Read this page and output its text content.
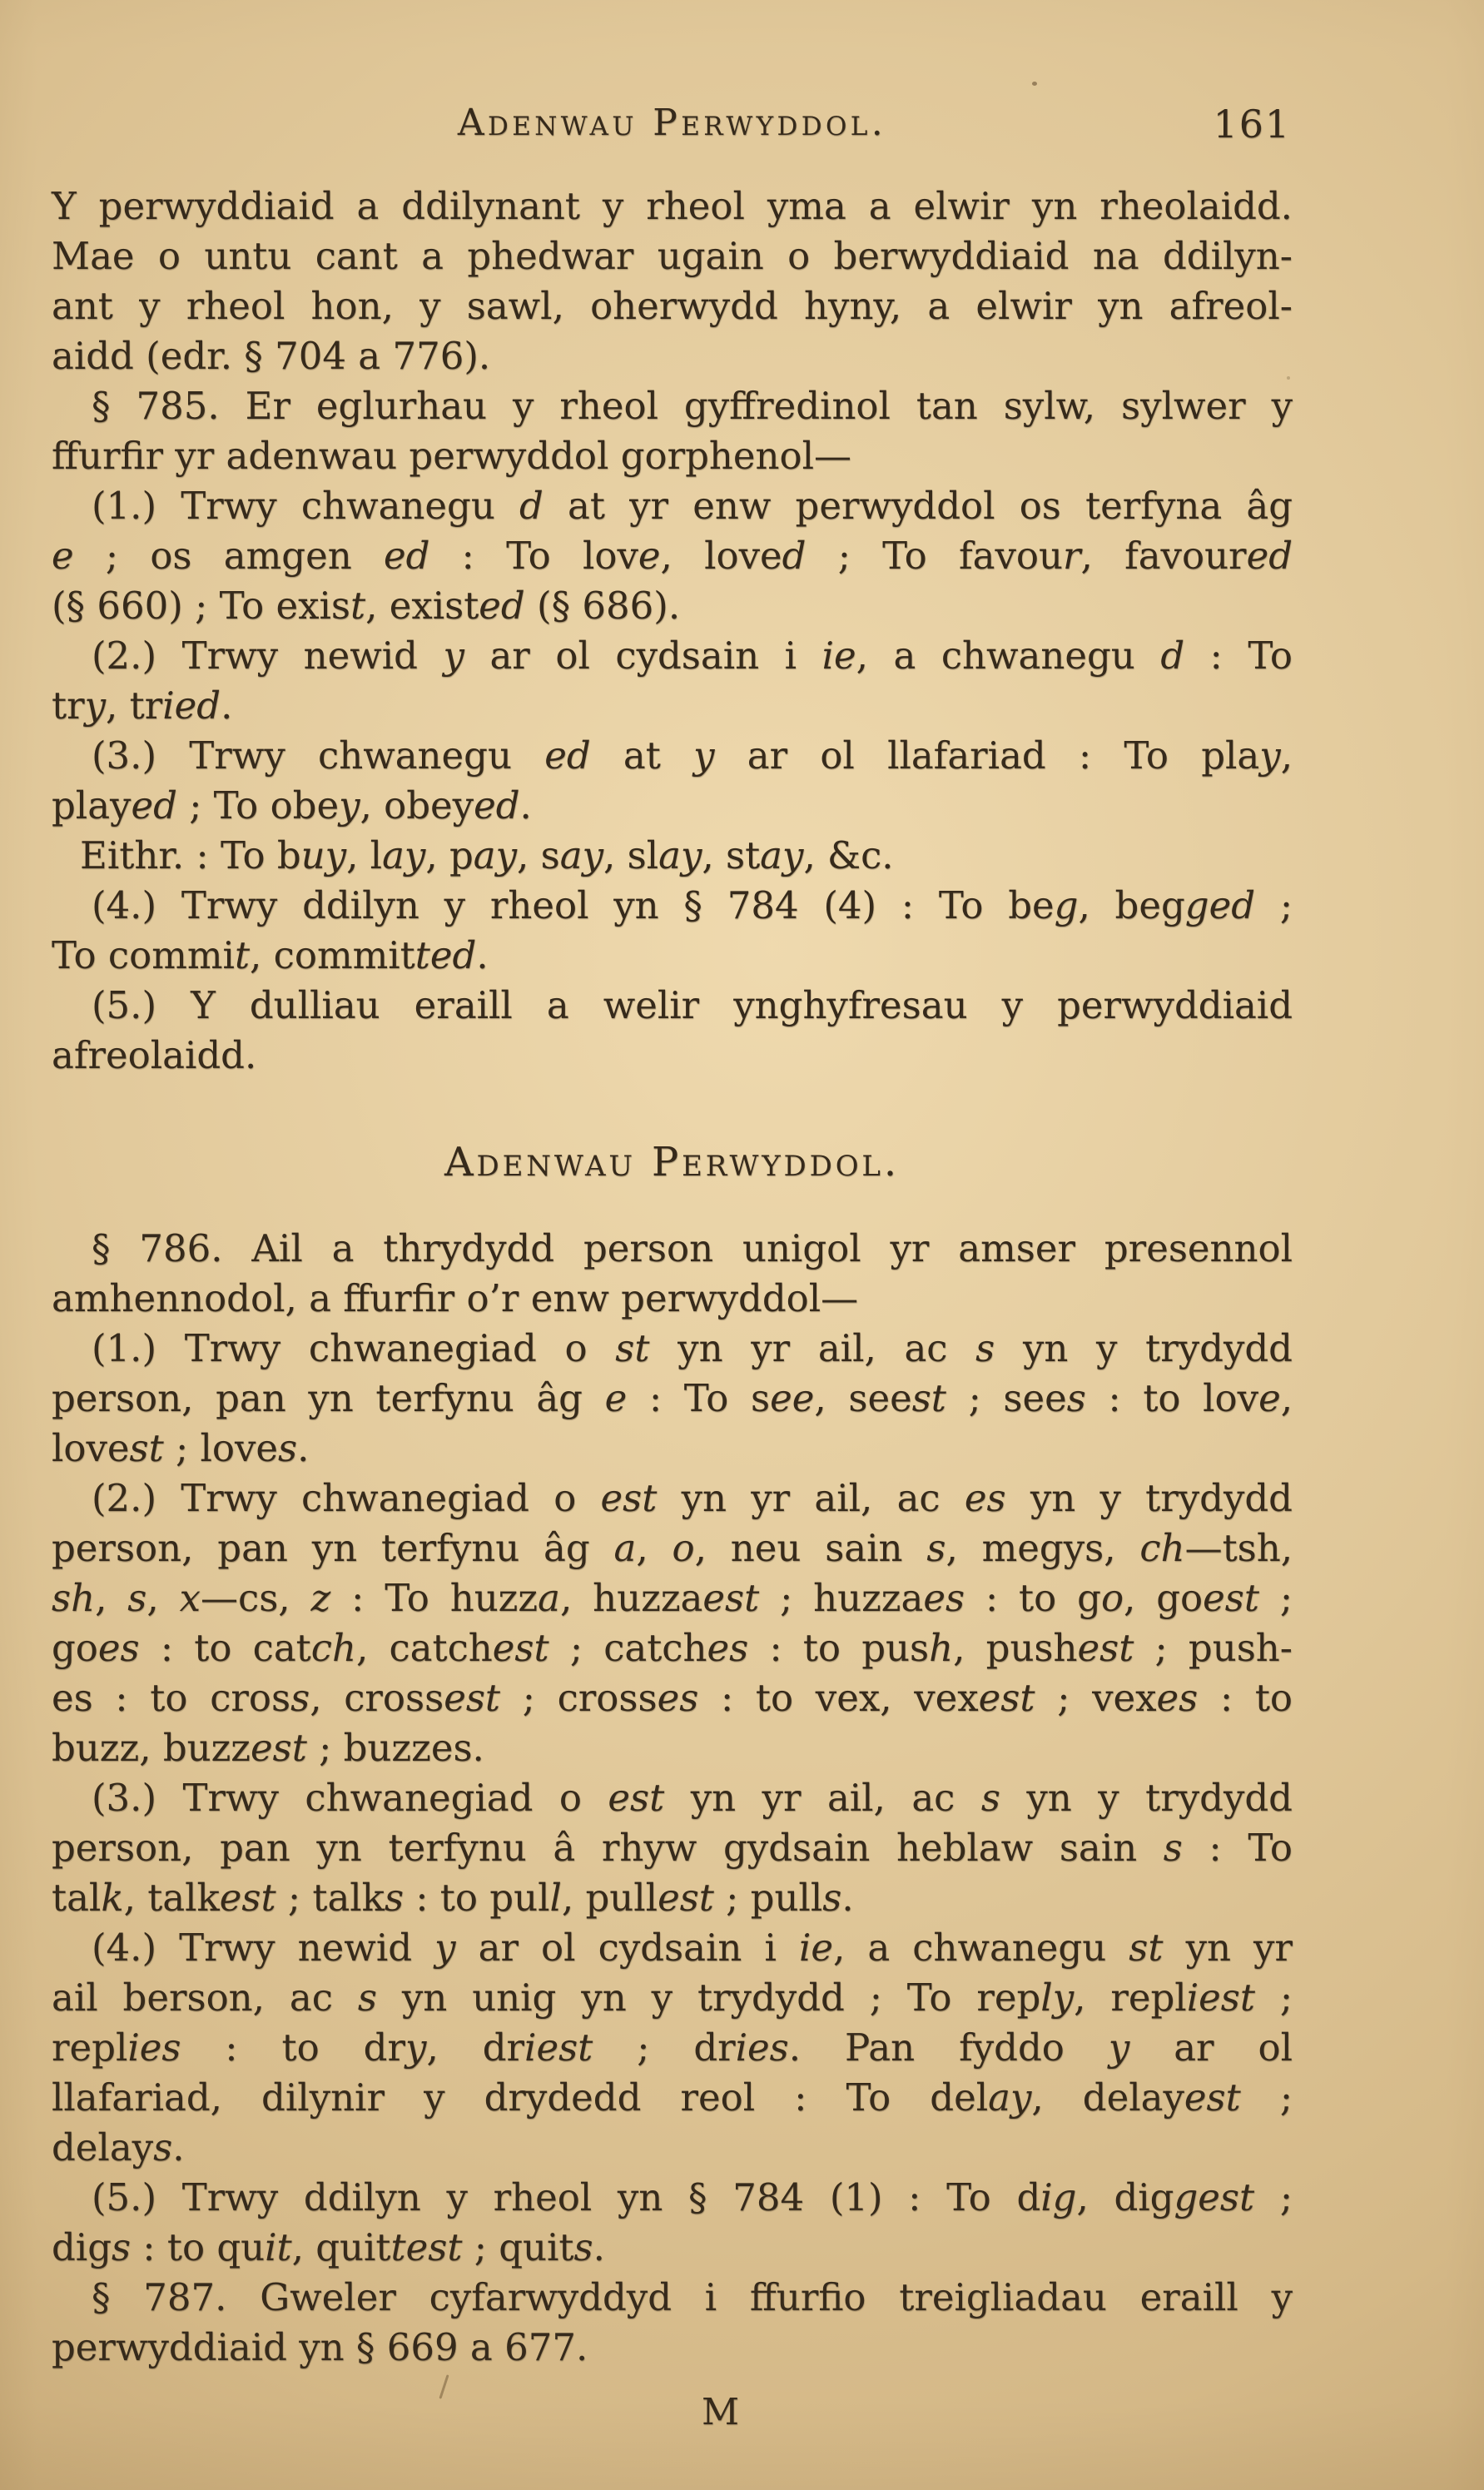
Adenwau Perwyddol.	161
Y perwyddiaid a ddilynant y rheol yma a elwir yn rheolaidd.
Mae o untu cant a phedwar ugain o berwyddiaid na ddilyn-
ant y rheol hon, y sawl, oherwydd hyny, a elwir yn afreol-
aidd (edr. § 704 a 776).
§ 785. Er eglurhau y rheol gyffredinol tan sylw, sylwer y
ffurfir yr adenwau perwyddol gorphenol—
(1.) Trwy chwanegu d at yr enw perwyddol os terfyna âg
e ; os amgen ed : To love, loved ; To favour, favoured
(§ 660) ; To exist, existed (§ 686).
(2.) Trwy newid y ar ol cydsain i ie, a chwanegu d : To
try, tried.
(3.) Trwy chwanegu ed at y ar ol llafariad : To play,
played ; To obey, obeyed.
Eithr. : To buy, lay, pay, say, slay, stay, &c.
(4.) Trwy ddilyn y rheol yn § 784 (4) : To beg, begged ;
To commit, committed.
(5.) Y dulliau eraill a welir ynghyfresau y perwyddiaid
afreolaidd.
Adenwau Perwyddol.
§ 786. Ail a thrydydd person unigol yr amser presennol
amhennodol, a ffurfir o’r enw perwyddol—
(1.) Trwy chwanegiad o st yn yr ail, ac s yn y trydydd
person, pan yn terfynu âg e : To see, seest ; sees : to love,
lovest ; loves.
(2.) Trwy chwanegiad o est yn yr ail, ac es yn y trydydd
person, pan yn terfynu âg a, o, neu sain s, megys, ch—tsh,
sh, s, x—cs, z : To huzza, huzzaest ; huzzaes : to go, goest ;
goes : to catch, catchest ; catches : to push, pushest ; push-
es : to cross, crossest ; crosses : to vex, vexest ; vexes : to
buzz, buzzest ; buzzes.
(3.) Trwy chwanegiad o est yn yr ail, ac s yn y trydydd
person, pan yn terfynu â rhyw gydsain heblaw sain s : To
talk, talkest ; talks : to pull, pullest ; pulls.
(4.) Trwy newid y ar ol cydsain i ie, a chwanegu st yn yr
ail berson, ac s yn unig yn y trydydd ; To reply, repliest ;
replies : to dry, driest ; dries. Pan fyddo y ar ol
llafariad, dilynir y drydedd reol : To delay, delayest ;
delays.
(5.) Trwy ddilyn y rheol yn § 784 (1) : To dig, diggest ;
digs : to quit, quittest ; quits.
§ 787. Gweler cyfarwyddyd i ffurfio treigliadau eraill y
perwyddiaid yn § 669 a 677.
M
